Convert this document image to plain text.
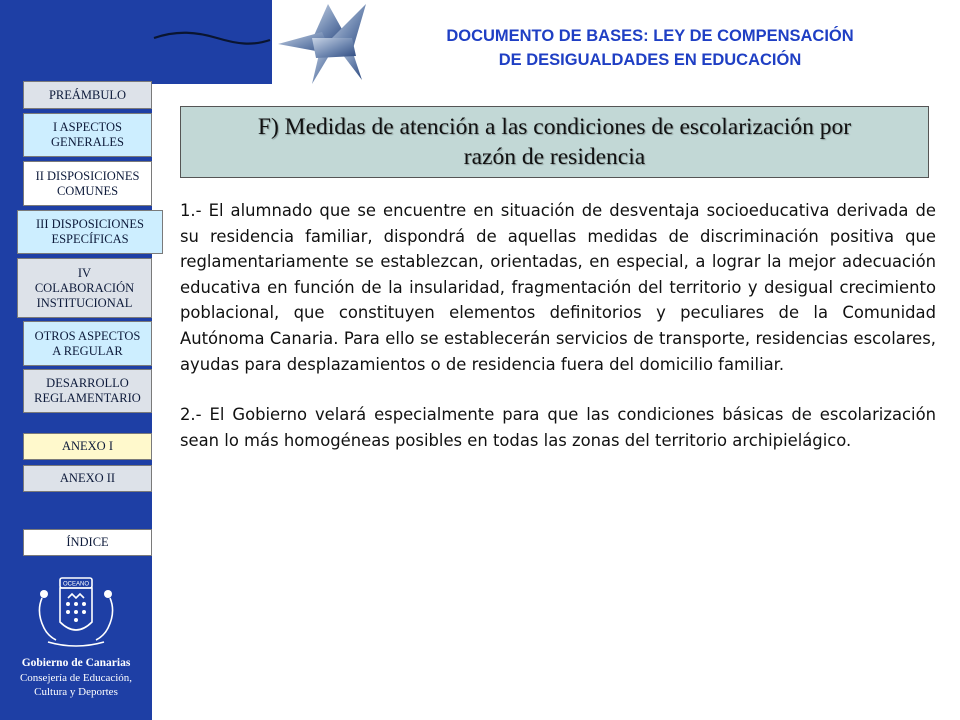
DOCUMENTO DE BASES: LEY DE COMPENSACIÓN
DE DESIGUALDADES EN EDUCACIÓN
PREÁMBULO
I ASPECTOS
GENERALES
II DISPOSICIONES
COMUNES
III DISPOSICIONES
ESPECÍFICAS
IV
COLABORACIÓN
INSTITUCIONAL
OTROS ASPECTOS
A REGULAR
DESARROLLO
REGLAMENTARIO
ANEXO I
ANEXO II
ÍNDICE
OCEANO
Gobierno de Canarias
Consejería de Educación,
Cultura y Deportes
F) Medidas de atención a las condiciones de escolarización por
razón de residencia

1.- El alumnado que se encuentre en situación de desventaja socioeducativa derivada de su residencia familiar, dispondrá de aquellas medidas de discriminación positiva que reglamentariamente se establezcan, orientadas, en especial, a lograr la mejor adecuación educativa en función de la insularidad, fragmentación del territorio y desigual crecimiento poblacional, que constituyen elementos definitorios y peculiares de la Comunidad Autónoma Canaria. Para ello se establecerán servicios de transporte, residencias escolares, ayudas para desplazamientos o de residencia fuera del domicilio familiar.

2.- El Gobierno velará especialmente para que las condiciones básicas de escolarización sean lo más homogéneas posibles en todas las zonas del territorio archipielágico.
